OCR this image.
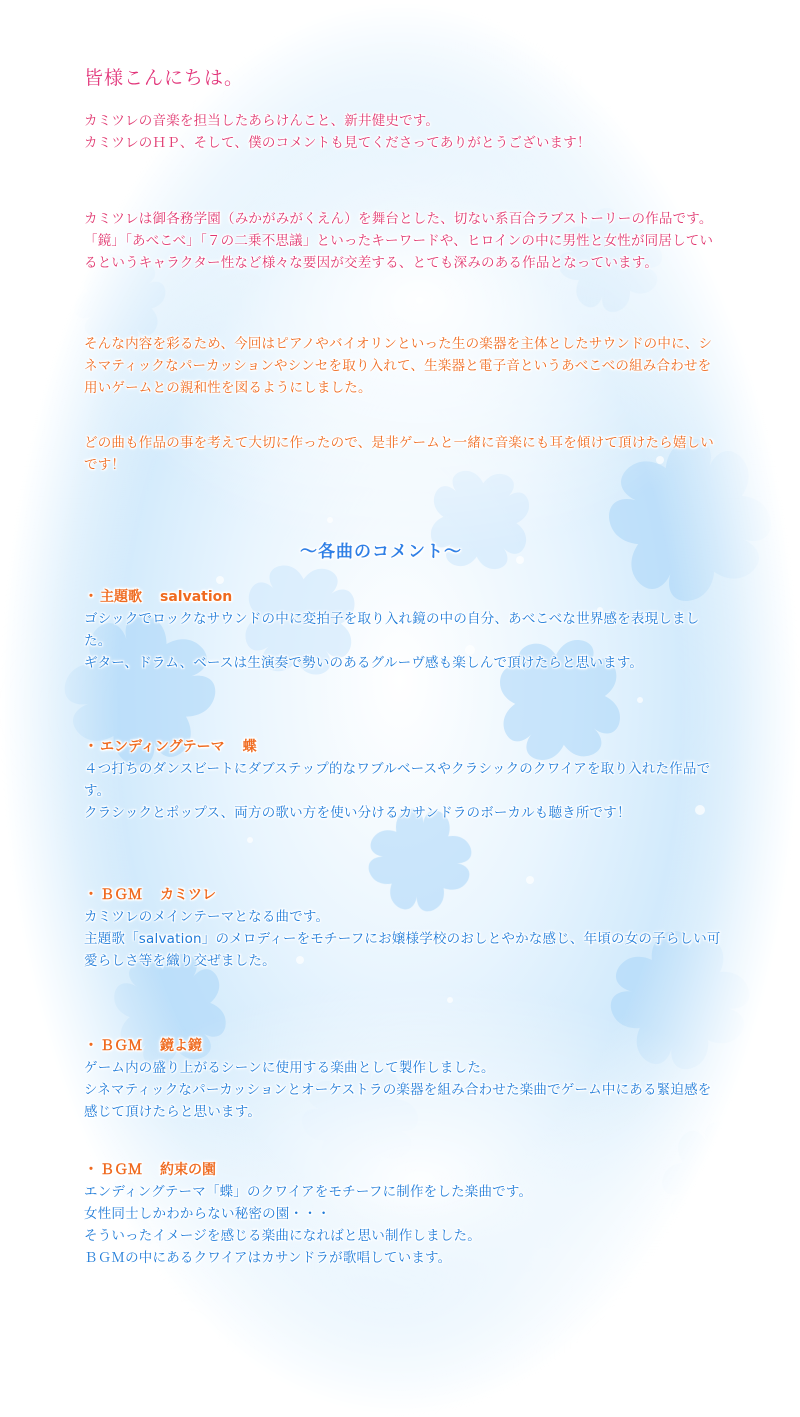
皆様こんにちは。

カミツレの音楽を担当したあらけんこと、新井健史です。
カミツレのＨＰ、そして、僕のコメントも見てくださってありがとうございます！

カミツレは御各務学園（みかがみがくえん）を舞台とした、切ない系百合ラブストーリーの作品です。
「鏡」「あべこべ」「７の二乗不思議」といったキーワードや、ヒロインの中に男性と女性が同居しているというキャラクター性など様々な要因が交差する、とても深みのある作品となっています。

そんな内容を彩るため、今回はピアノやバイオリンといった生の楽器を主体としたサウンドの中に、シネマティックなパーカッションやシンセを取り入れて、生楽器と電子音というあべこべの組み合わせを用いゲームとの親和性を図るようにしました。

どの曲も作品の事を考えて大切に作ったので、是非ゲームと一緒に音楽にも耳を傾けて頂けたら嬉しいです！

〜各曲のコメント〜
・ 主題歌 salvation
ゴシックでロックなサウンドの中に変拍子を取り入れ鏡の中の自分、あべこべな世界感を表現しました。
ギター、ドラム、ベースは生演奏で勢いのあるグルーヴ感も楽しんで頂けたらと思います。
・ エンディングテーマ 蝶
４つ打ちのダンスビートにダブステップ的なワブルベースやクラシックのクワイアを取り入れた作品です。
クラシックとポップス、両方の歌い方を使い分けるカサンドラのボーカルも聴き所です！
・ ＢＧＭ カミツレ
カミツレのメインテーマとなる曲です。
主題歌「salvation」のメロディーをモチーフにお嬢様学校のおしとやかな感じ、年頃の女の子らしい可愛らしさ等を織り交ぜました。
・ ＢＧＭ 鏡よ鏡
ゲーム内の盛り上がるシーンに使用する楽曲として製作しました。
シネマティックなパーカッションとオーケストラの楽器を組み合わせた楽曲でゲーム中にある緊迫感を感じて頂けたらと思います。
・ ＢＧＭ 約束の園
エンディングテーマ「蝶」のクワイアをモチーフに制作をした楽曲です。
女性同士しかわからない秘密の園・・・
そういったイメージを感じる楽曲になればと思い制作しました。
ＢＧＭの中にあるクワイアはカサンドラが歌唱しています。
